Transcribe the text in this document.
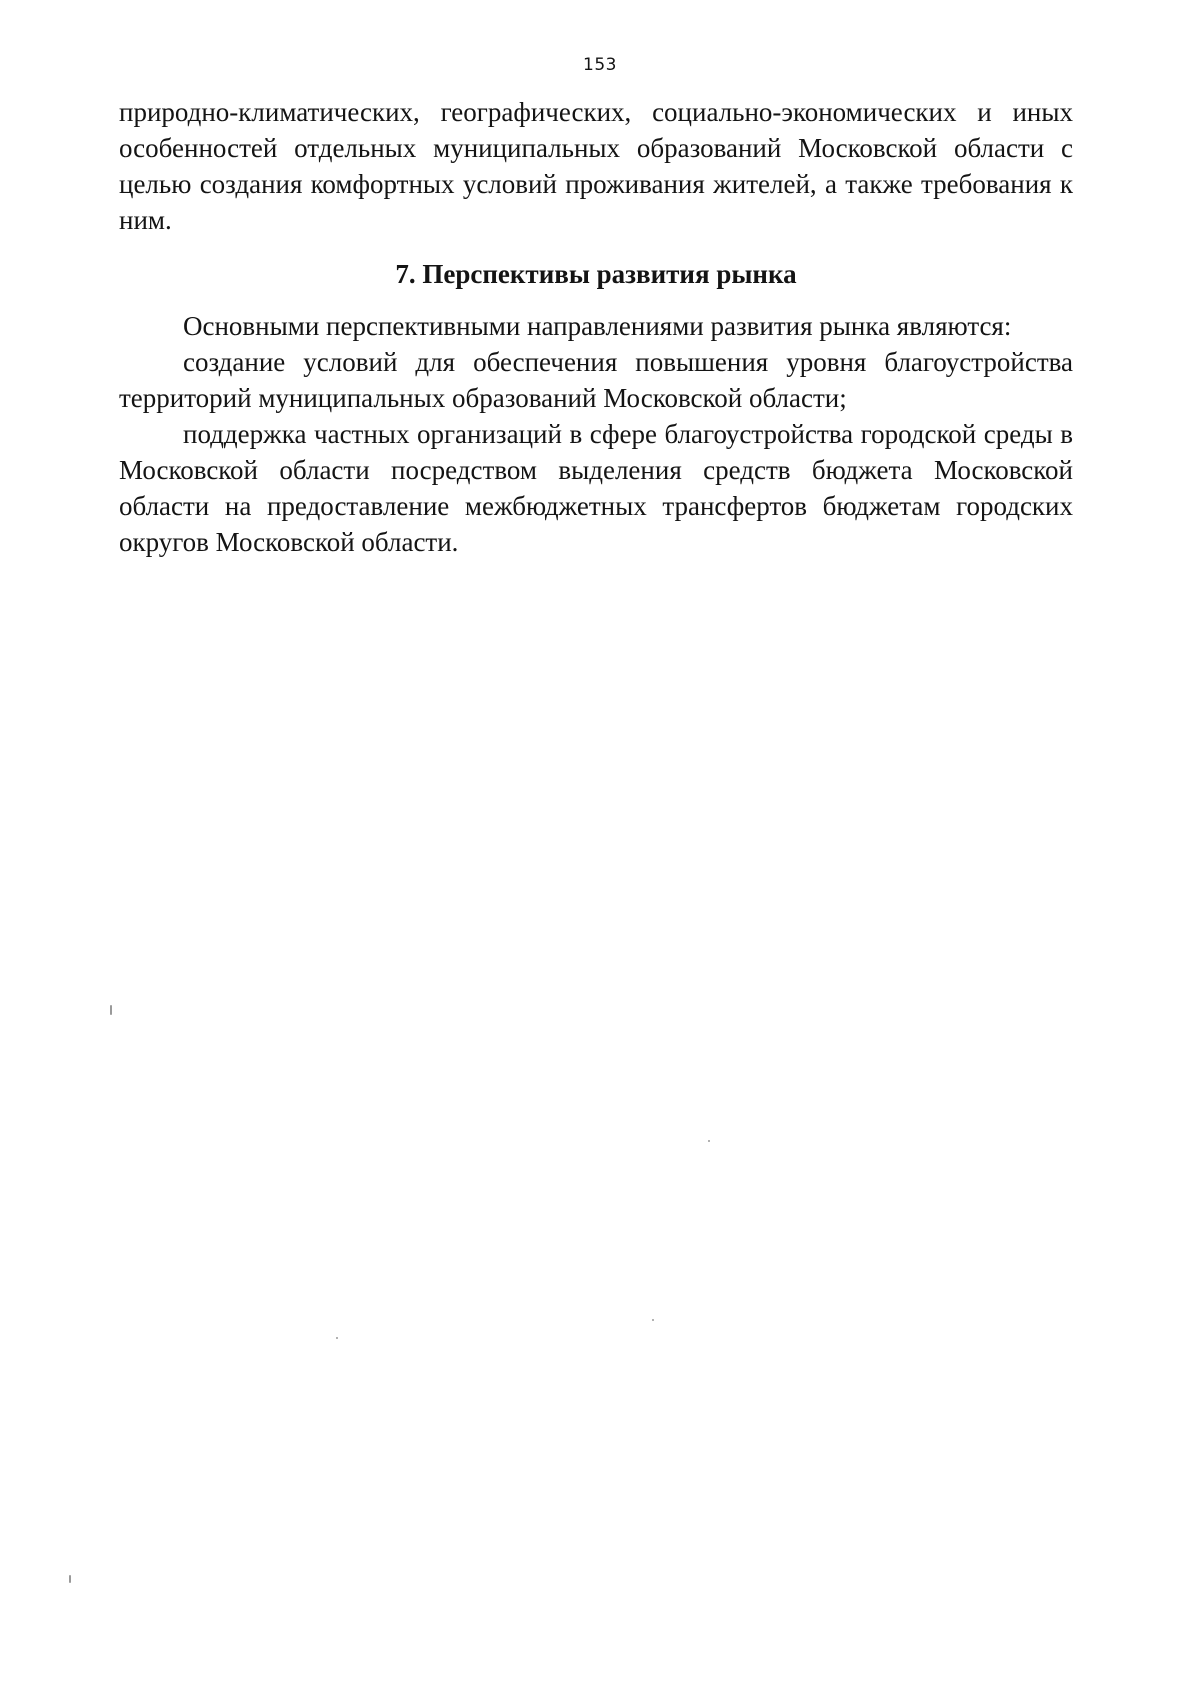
153

природно-климатических, географических, социально-экономических и иных особенностей отдельных муниципальных образований Московской области с целью создания комфортных условий проживания жителей, а также требования к ним.

7. Перспективы развития рынка

Основными перспективными направлениями развития рынка являются:

создание условий для обеспечения повышения уровня благоустройства территорий муниципальных образований Московской области;

поддержка частных организаций в сфере благоустройства городской среды в Московской области посредством выделения средств бюджета Московской области на предоставление межбюджетных трансфертов бюджетам городских округов Московской области.
